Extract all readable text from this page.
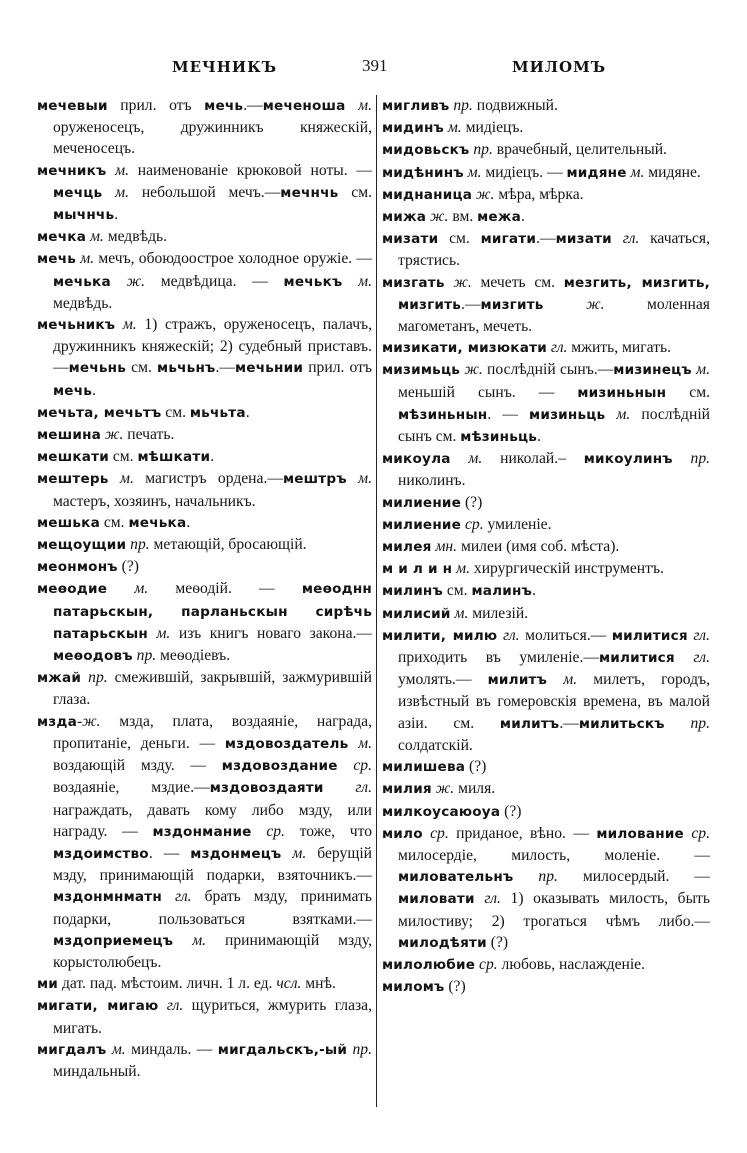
МЕЧНИКЪ	391	МИЛОМЪ

мечевыи прил. отъ мечь.—меченоша м. оруженосецъ, дружинникъ княжескій, меченосецъ.

мечникъ м. наименованіе крюковой ноты. — мечць м. небольшой мечъ.—мечнчь см. мычнчь.

мечка м. медвѣдь.

мечь м. мечъ, обоюдоострое холодное оружіе. — мечька ж. медвѣдица. — мечькъ м. медвѣдь.

мечьникъ м. 1) стражъ, оруженосецъ, палачъ, дружинникъ княжескій; 2) судебный приставъ.—мечьнь см. мьчьнъ.—мечьнии прил. отъ мечь.

мечьта, мечьтъ см. мьчьта.

мешина ж. печать.

мешкати см. мѣшкати.

мештерь м. магистръ ордена.—мештръ м. мастеръ, хозяинъ, начальникъ.

мешька см. мечька.

мещоущии пр. метающій, бросающій.

меонмонъ (?)

меѳодие м. меѳодій. — меѳоднн патарьскын, парланьскын сирѣчь патарьскын м. изъ книгъ новаго закона.—меѳодовъ пр. меѳодіевъ.

мжай пр. смежившій, закрывшій, зажмурившій глаза.

мзда-ж. мзда, плата, воздаяніе, награда, пропитаніе, деньги. — мздовоздатель м. воздающій мзду. — мздовоздание ср. воздаяніе, мздие.—мздовоздаяти гл. награждать, давать кому либо мзду, или награду. — мздонмание ср. тоже, что мздоимство. — мздонмецъ м. берущій мзду, принимающій подарки, взяточникъ.—мздонмнматн гл. брать мзду, принимать подарки, пользоваться взятками.—мздоприемецъ м. принимающій мзду, корыстолюбецъ.

ми дат. пад. мѣстоим. личн. 1 л. ед. чсл. мнѣ.

мигати, мигаю гл. щуриться, жмурить глаза, мигать.

мигдалъ м. миндаль. — мигдальскъ,-ый пр. миндальный.

мигливъ пр. подвижный.

мидинъ м. мидіецъ.

мидовьскъ пр. врачебный, целительный.

мидѣнинъ м. мидіецъ. — мидяне м. мидяне.

миднаница ж. мѣра, мѣрка.

мижа ж. вм. межа.

мизати см. мигати.—мизати гл. качаться, трястись.

мизгать ж. мечеть см. мезгить, мизгить, мизгить.—мизгить ж. моленная магометанъ, мечеть.

мизикати, мизюкати гл. мжить, мигать.

мизимьць ж. послѣдній сынъ.—мизинецъ м. меньшій сынъ. — мизиньнын см. мѣзиньнын. — мизиньць м. послѣдній сынъ см. мѣзиньць.

микоула м. николай.– микоулинъ пр. николинъ.

милиение (?)

милиение ср. умиленіе.

милея мн. милеи (имя соб. мѣста).

м и л и н м. хирургическій инструментъ.

милинъ см. малинъ.

милисий м. милезій.

милити, милю гл. молиться.— милитися гл. приходить въ умиленіе.—милитися гл. умолять.— милитъ м. милетъ, городъ, извѣстный въ гомеровскія времена, въ малой азіи. см. милитъ.—милитьскъ пр. солдатскій.

милишева (?)

милия ж. миля.

милкоусаюоуа (?)

мило ср. приданое, вѣно. — милование ср. милосердіе, милость, моленіе. — миловательнъ пр. милосердый. — миловати гл. 1) оказывать милость, быть милостиву; 2) трогаться чѣмъ либо.—милодѣяти (?)

милолюбие ср. любовь, наслажденіе.

миломъ (?)
